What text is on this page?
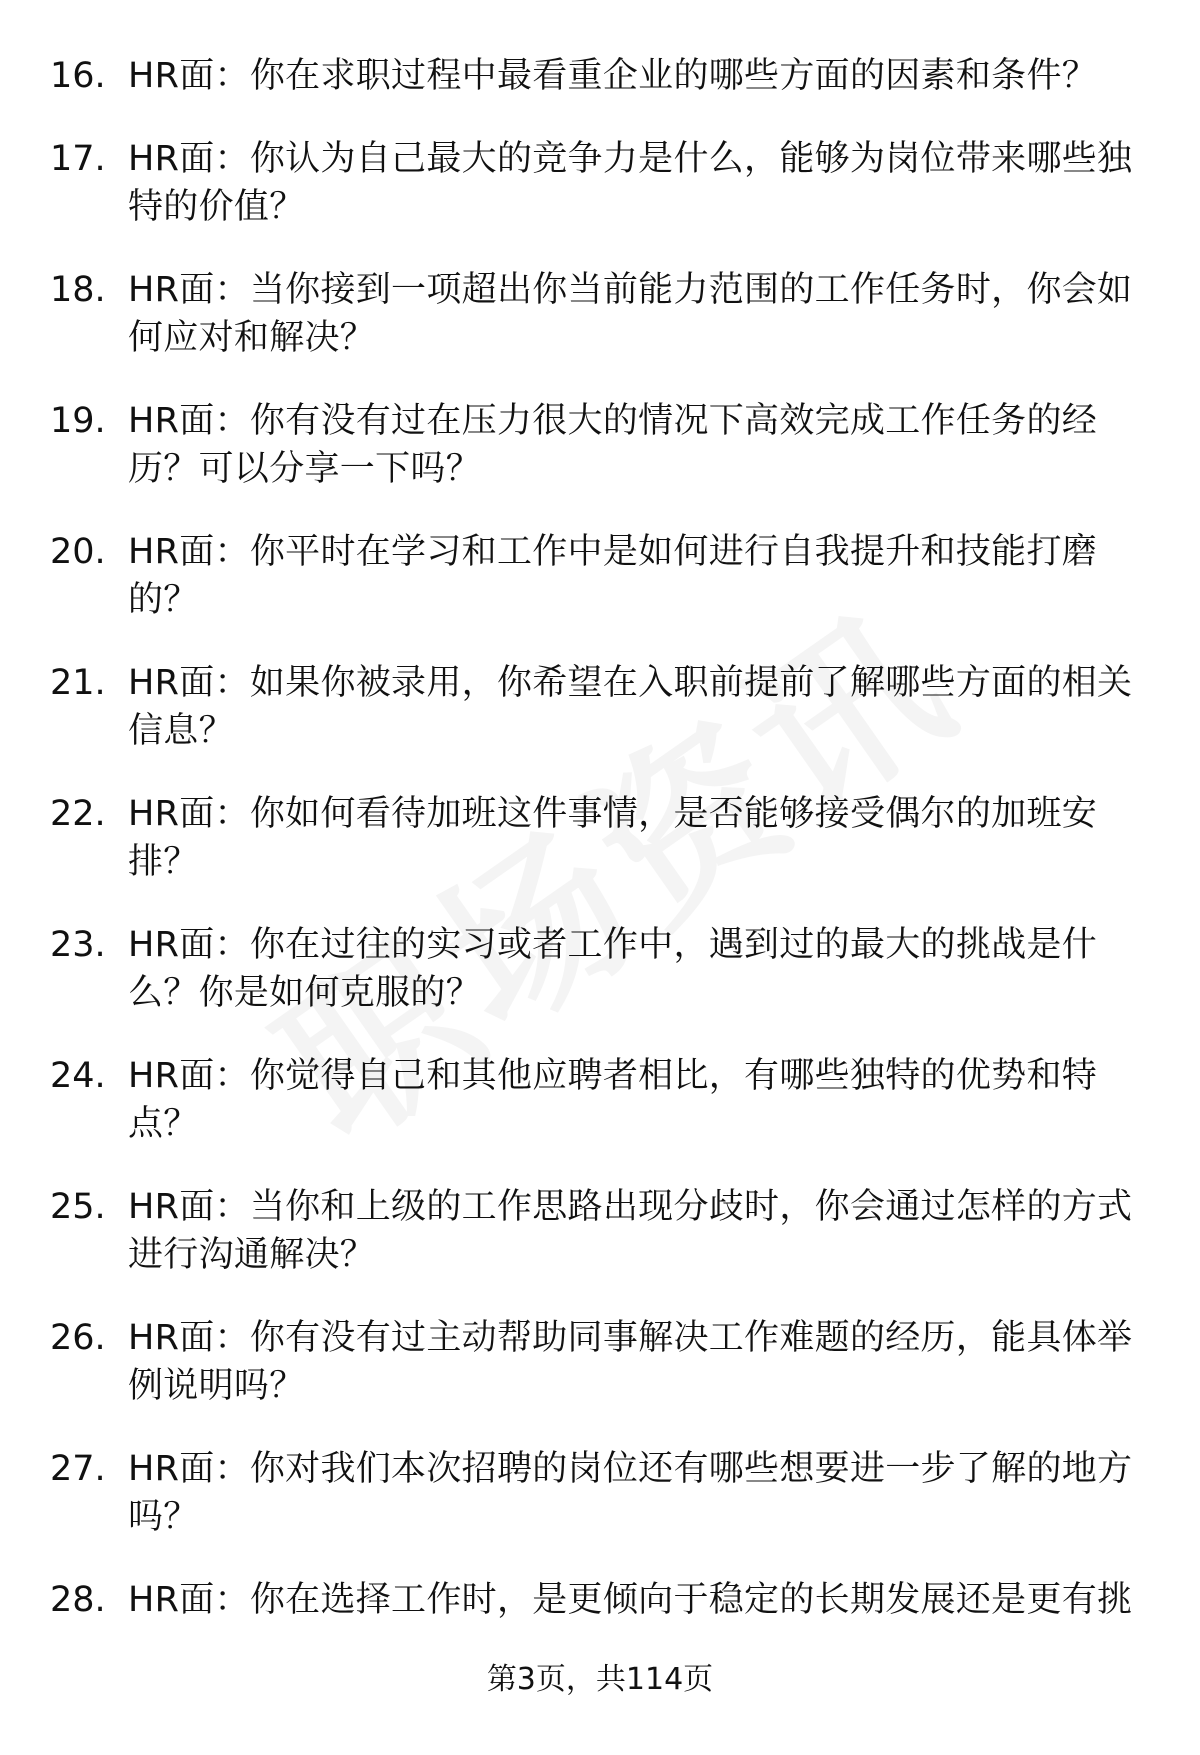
16. HR面：你在求职过程中最看重企业的哪些方面的因素和条件？
17. HR面：你认为自己最大的竞争力是什么，能够为岗位带来哪些独特的价值？
18. HR面：当你接到一项超出你当前能力范围的工作任务时，你会如何应对和解决？
19. HR面：你有没有过在压力很大的情况下高效完成工作任务的经历？可以分享一下吗？
20. HR面：你平时在学习和工作中是如何进行自我提升和技能打磨的？
21. HR面：如果你被录用，你希望在入职前提前了解哪些方面的相关信息？
22. HR面：你如何看待加班这件事情，是否能够接受偶尔的加班安排？
23. HR面：你在过往的实习或者工作中，遇到过的最大的挑战是什么？你是如何克服的？
24. HR面：你觉得自己和其他应聘者相比，有哪些独特的优势和特点？
25. HR面：当你和上级的工作思路出现分歧时，你会通过怎样的方式进行沟通解决？
26. HR面：你有没有过主动帮助同事解决工作难题的经历，能具体举例说明吗？
27. HR面：你对我们本次招聘的岗位还有哪些想要进一步了解的地方吗？
28. HR面：你在选择工作时，是更倾向于稳定的长期发展还是更有挑
第3页，共114页
